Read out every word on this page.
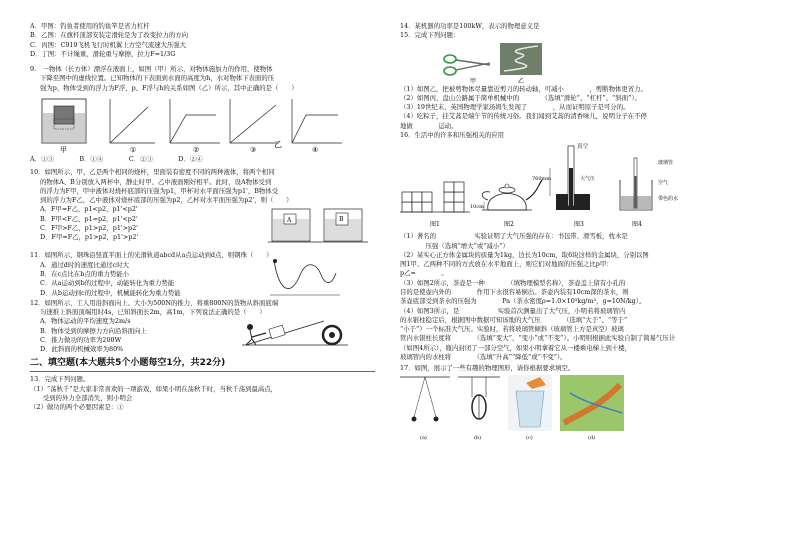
A．甲图：钓鱼者使用的钓鱼竿是省力杠杆

B．乙图：在旗杆顶部安装定滑轮是为了改变拉力的方向

C．丙图：C919飞机飞行时机翼上方空气流速大压强大

D．丁图：不计绳重、滑轮重与摩擦，拉力F=1/3G

9.　一物体（长方体）漂浮在液面上，如图（甲）所示，对物体施加力的作用，使物体

下降至图中的虚线位置。已知物体的下表面到水面的高度为h，水对物体下表面的压

强为p，物体受到的浮力为F浮，p、F浮与h的关系如图（乙）所示，其中正确的是（　　）

甲	①	②	③
乙
④

A．①③　　　　B．①④　　　　C．②③　　　　D．②④

10．如图所示，甲、乙是两个相同的烧杯，里面装有密度不同的两种液体，将两个相同

的物体A、B分别放入两杯中，静止时甲、乙中液面刚好相平。此时，设A物体受到

的浮力为F甲，甲中液体对烧杯底部的压强为p1，甲杯对水平面压强为p1'，B物体受

到的浮力为F乙，乙中液体对烧杯底部的压强为p2，乙杯对水平面压强为p2'，则（　　）

A．F甲=F乙，p1<p2，p1'<p2'

B．F甲<F乙，p1=p2，p1'<p2'

C．F甲>F乙，p1>p2，p1'>p2'

D．F甲=F乙，p1>p2，p1'>p2'

A	B

11．如图所示，钢珠沿竖直平面上的光滑轨道abcd从a点运动到d点，则钢珠（　　）

A．通过d时的速度比通过c时大

B．在c点比在b点的重力势能小

C．从a运动到b的过程中，动能转化为重力势能

D．从b运动到c的过程中，机械能转化为重力势能

12．如图所示，工人用沿斜面向上、大小为500N的推力，将重800N的货物从斜面底端

匀速推上斜面顶端用时4s，已知斜面长2m，高1m，下列说法正确的是（　　）

A．物体运动的平均速度为2m/s

B．物体受到的摩擦力方向沿斜面向上

C．推力做功的功率为200W

D．此斜面的机械效率为80%

二、填空题(本大题共5个小题每空1分，共22分)

13．完成下列问题。

（1）“荡秋千”是大家非常喜欢的一项游戏，如果小明在荡秋千时，当秋千荡到最高点，

　　受到的外力全部消失，则小明会

（2）做功的两个必要因素是：①

14．某机器的功率是100kW，表示的物理意义是

15．完成下列问题：

甲	乙

（1）如图乙，把被剪物体尽量靠近剪刀的转动轴，可减小　　　　，剪断物体更省力。

（2）如图丙，盘山公路属于简单机械中的　　　　（选填“滑轮”、“杠杆”、“斜面”）。

（3）19世纪末，英国物理学家汤姆生发现了　　　　，从而证明原子是可分的。

（4）吃粽子，挂艾蒿是端午节的传统习俗。我们闻到艾蒿的清香味儿，说明分子在不停

地做　　　　运动。

16．生活中的许多和压强相关的应用

图1
10cm
图2
真空
760mm	大气压
图3
玻璃管
空气
带色的水
图4

（1）著名的　　　　　　实验证明了大气压强的存在：书包带、滑雪板，枕木是

　　　　压强（选填“增大”或“减小”）

（2）某实心正方体金属块的质量为1kg，边长为10cm，取6块这样的金属块，分别以图

图1甲、乙两种不同的方式放在水平地面上，则它们对地面的压强之比p甲：

p乙=　　　　。

（3）如图2所示，茶壶是一种　　　　（填物理模型名称），茶壶盖上留有小孔的

目的是使壶内外的　　　　作用下水很容易倒出。茶壶内装有10cm深的茶水，则

茶壶底部受到茶水的压强为　　　　Pa（茶水密度ρ=1.0×10³kg/m³，g=10N/kg）。

（4）如图3所示，是　　　　　　实验首次测量出了大气压，小明若将玻璃管内

的水银柱稳定后，根据图中数据可知该地的大气压　　　　（选填“大于”、“等于”

“小于”）一个标准大气压。实验时，若将玻璃管倾斜（玻璃管上方是真空）玻璃

管内水银柱长度将　　　　（选填“变大”、“变小”或“不变”）。小明则根据此实验自制了简易气压计

（如图4所示），瓶内封闭了一部分空气，如果小明拿着它从一楼乘电梯上到十楼，

玻璃管内的水柱将　　　　（选填“升高”“降低”或“不变”）。

17．如图，展示了一些有趣的物理图形，请你根据要求填空。

(a)	(b)	(c)	(d)
